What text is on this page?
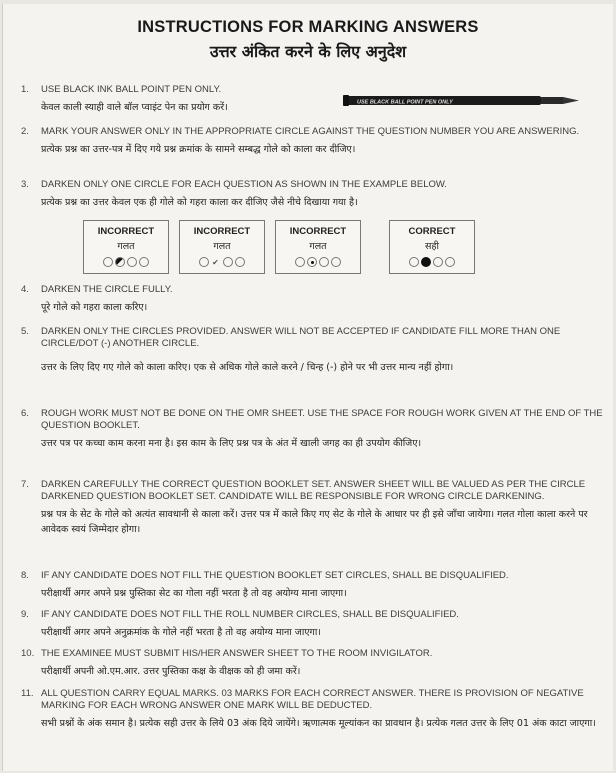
INSTRUCTIONS FOR MARKING ANSWERS
उत्तर अंकित करने के लिए अनुदेश
USE BLACK BALL POINT PEN ONLY
1.	USE BLACK INK BALL POINT PEN ONLY.
केवल काली स्याही वाले बॉल प्वाइंट पेन का प्रयोग करें।
2.	MARK YOUR ANSWER ONLY IN THE APPROPRIATE CIRCLE AGAINST THE QUESTION NUMBER YOU ARE ANSWERING.
प्रत्येक प्रश्न का उत्तर-पत्र में दिए गये प्रश्न क्रमांक के सामने सम्बद्ध गोले को काला कर दीजिए।
3.	DARKEN ONLY ONE CIRCLE FOR EACH QUESTION AS SHOWN IN THE EXAMPLE BELOW.
प्रत्येक प्रश्न का उत्तर केवल एक ही गोले को गहरा काला कर दीजिए जैसे नीचे दिखाया गया है।
INCORRECT
गलत
INCORRECT
गलत
✔
INCORRECT
गलत
CORRECT
सही
4.	DARKEN THE CIRCLE FULLY.
पूरे गोले को गहरा काला करिए।
5.	DARKEN ONLY THE CIRCLES PROVIDED. ANSWER WILL NOT BE ACCEPTED IF CANDIDATE FILL MORE THAN ONE CIRCLE/DOT (-) ANOTHER CIRCLE.
उत्तर के लिए दिए गए गोले को काला करिए। एक से अधिक गोले काले करने / चिन्ह (-) होने पर भी उत्तर मान्य नहीं होगा।
6.	ROUGH WORK MUST NOT BE DONE ON THE OMR SHEET. USE THE SPACE FOR ROUGH WORK GIVEN AT THE END OF THE QUESTION BOOKLET.
उत्तर पत्र पर कच्चा काम करना मना है। इस काम के लिए प्रश्न पत्र के अंत में खाली जगह का ही उपयोग कीजिए।
7.	DARKEN CAREFULLY THE CORRECT QUESTION BOOKLET SET. ANSWER SHEET WILL BE VALUED AS PER THE CIRCLE DARKENED QUESTION BOOKLET SET. CANDIDATE WILL BE RESPONSIBLE FOR WRONG CIRCLE DARKENING.
प्रश्न पत्र के सेट के गोले को अत्यंत सावधानी से काला करें। उत्तर पत्र में काले किए गए सेट के गोले के आधार पर ही इसे जाँचा जायेगा। गलत गोला काला करने पर आवेदक स्वयं जिम्मेदार होगा।
8.	IF ANY CANDIDATE DOES NOT FILL THE QUESTION BOOKLET SET CIRCLES, SHALL BE DISQUALIFIED.
परीक्षार्थी अगर अपने प्रश्न पुस्तिका सेट का गोला नहीं भरता है तो वह अयोग्य माना जाएगा।
9.	IF ANY CANDIDATE DOES NOT FILL THE ROLL NUMBER CIRCLES, SHALL BE DISQUALIFIED.
परीक्षार्थी अगर अपने अनुक्रमांक के गोले नहीं भरता है तो वह अयोग्य माना जाएगा।
10. THE EXAMINEE MUST SUBMIT HIS/HER ANSWER SHEET TO THE ROOM INVIGILATOR.
परीक्षार्थी अपनी ओ.एम.आर. उत्तर पुस्तिका कक्ष के वीक्षक को ही जमा करें।
11. ALL QUESTION CARRY EQUAL MARKS. 03 MARKS FOR EACH CORRECT ANSWER. THERE IS PROVISION OF NEGATIVE MARKING FOR EACH WRONG ANSWER ONE MARK WILL BE DEDUCTED.
सभी प्रश्नों के अंक समान है। प्रत्येक सही उत्तर के लिये 03 अंक दिये जायेंगे। ऋणात्मक मूल्यांकन का प्रावधान है। प्रत्येक गलत उत्तर के लिए 01 अंक काटा जाएगा।
